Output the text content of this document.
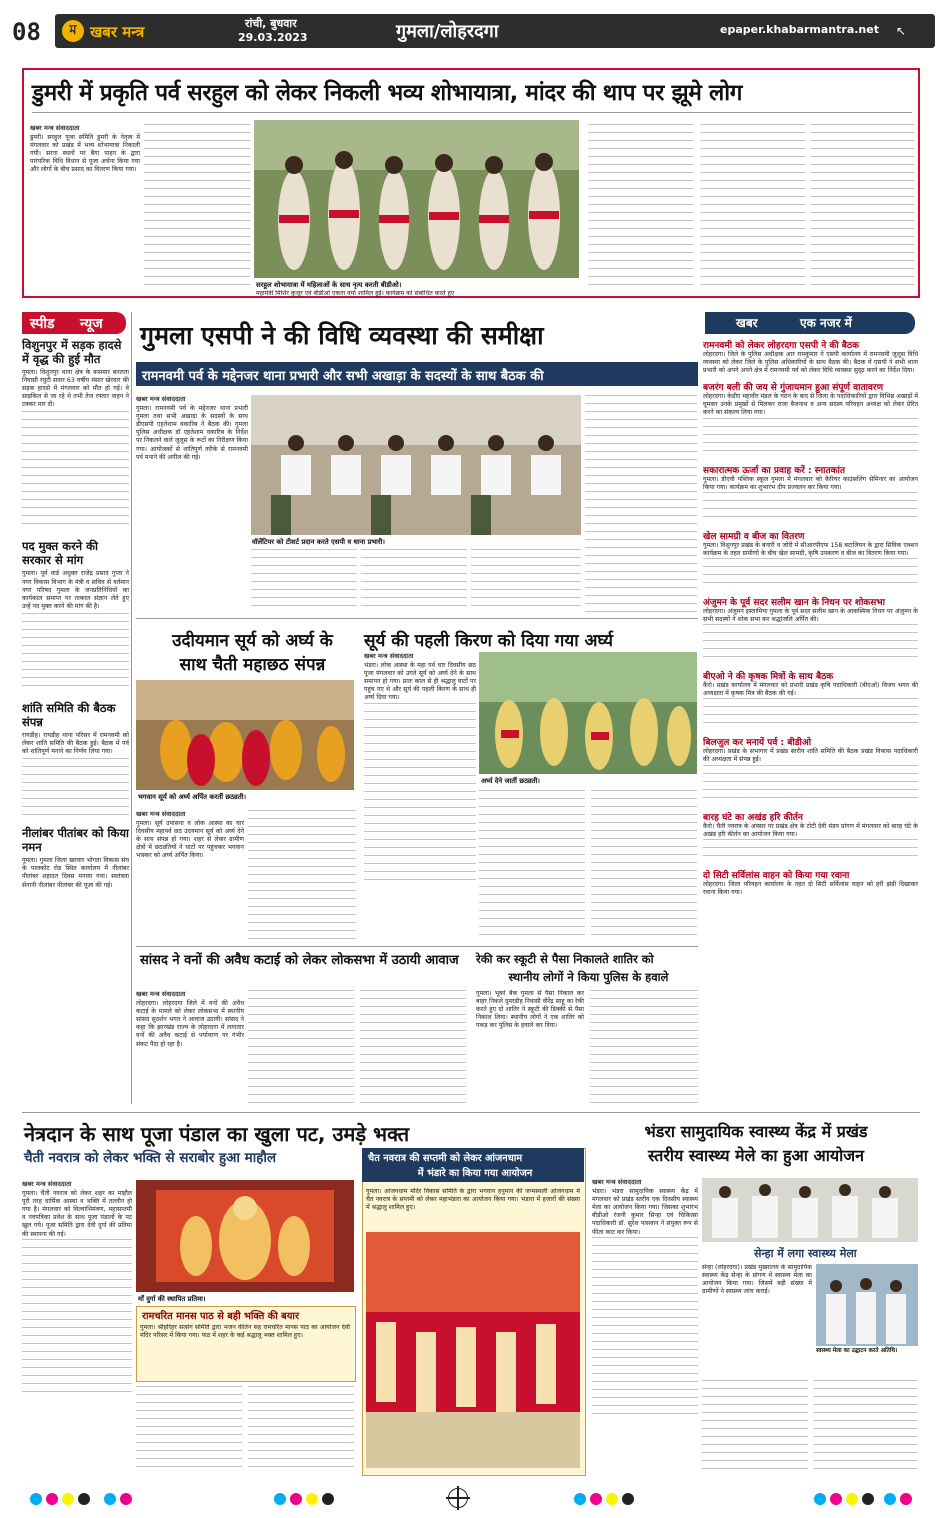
08	ম खबर मन्त्र	रांची, बुधवार
29.03.2023	गुमला/लोहरदगा	epaper.khabarmantra.net ↖
डुमरी में प्रकृति पर्व सरहुल को लेकर निकली भव्य शोभायात्रा, मांदर की थाप पर झूमे लोग
खबर मन्त्र संवाददाता
डुमरी। सरहुल पूजा समिति डुमरी के नेतृत्व में मंगलवार को प्रखंड में भव्य शोभायात्रा निकाली गयी। सरना स्थलों पर बैगा पाहन के द्वारा पारंपरिक विधि विधान से पूजा अर्चना किया गया और लोगों के बीच प्रसाद का वितरण किया गया।
सरहुल शोभायात्रा में महिलाओं के साथ नृत्य करती बीडीओ।
महामंत्री मिशिर कुजूर एवं बीडीओ एकता वर्मा शामिल हुईं। कार्यक्रम को संबोधित करते हुए
स्पीड न्यूज
विशुनपुर में सड़क हादसे में वृद्ध की हुई मौत
गुमला। विशुनपुर थाना क्षेत्र के कसमार बनलता निवासी रघुटी सवार 63 वर्षीय मंसार खेरवार की सड़क हादसे में मंगलवार को मौत हो गई। वे साइकिल से जा रहे थे तभी तेज रफ्तार वाहन ने टक्कर मार दी।
पद मुक्त करने की सरकार से मांग
गुमला। पूर्व वार्ड अधुक्त राजेंद्र प्रसाद गुप्ता ने नगर विकास विभाग के मंत्री व सचिव से वर्तमान नगर परिषद गुमला के जनप्रतिनिधियों का कार्यकाल समाप्त पर तत्काल संज्ञान लेते हुए उन्हें पद मुक्त करने की मांग की है।
शांति समिति की बैठक संपन्न
रायडीह। रायडीह थाना परिसर में रामनवमी को लेकर शांति समिति की बैठक हुई। बैठक में पर्व को शांतिपूर्ण मनाने का निर्णय लिया गया।
नीलांबर पीतांबर को किया नमन
गुमला। गुमला जिला खरवार भोगता विकास संघ के पालकोट रोड स्थित कार्यालय में नीलांबर पीतांबर शहादत दिवस मनाया गया। स्वतंत्रता सेनानी नीलांबर पीतांबर की पूजा की गई।
गुमला एसपी ने की विधि व्यवस्था की समीक्षा
रामनवमी पर्व के मद्देनजर थाना प्रभारी और सभी अखाड़ा के सदस्यों के साथ बैठक की
खबर मन्त्र संवाददाता
गुमला। रामनवमी पर्व के मद्देनजर थाना प्रभारी गुमला तथा सभी अखाड़ा के सदस्यों के साथ डीएसपी एहतेशाम वकारिब ने बैठक की। गुमला पुलिस अधीक्षक डॉ एहतेशाम वकारिब के निर्देश पर निकलने वाले जुलूस के रूटों का निरीक्षण किया गया। आयोजकों से शांतिपूर्ण तरीके से रामनवमी पर्व मनाने की अपील की गई।
वॉलेंटियर को टीशर्ट प्रदान करते एसपी व थाना प्रभारी।
खबर	एक नजर में
रामनवमी को लेकर लोहरदगा एसपी ने की बैठक
लोहरदगा। जिले के पुलिस अधीक्षक आर रामकुमार ने एसपी कार्यालय में रामनवमी जुलूस विधि व्यवस्था को लेकर जिले के पुलिस अधिकारियों के साथ बैठक की। बैठक में एसपी ने सभी थाना प्रभारी को अपने अपने क्षेत्र में रामनवमी पर्व को लेकर विधि व्यवस्था सुदृढ़ करने का निर्देश दिया।
बजरंग बली की जय से गुंजायमान हुआ संपूर्ण वातावरण
लोहरदगा। केडीए महावीर मंडल के गठन के बाद से जिला के पदाधिकारियों द्वारा विभिन्न अखाड़ों में घूमकर उनके प्रमुखों से मिलकर राजा बैजनाथ व अन्य सदस्य परिवहन अध्यक्ष को लेकर प्रेरित करने का संकल्प लिया गया।
सकारात्मक ऊर्जा का प्रवाह करें : स्नातकांत
गुमला। डीएवी पब्लिक स्कूल गुमला में मंगलवार को कैरियर काउंसलिंग सेमिनार का आयोजन किया गया। कार्यक्रम का शुभारंभ दीप प्रज्वलन कर किया गया।
खेल सामग्री व बीज का वितरण
गुमला। विशुनपुर प्रखंड के बनारी व जोरी में सीआरपीएफ 158 बटालियन के द्वारा सिविक एक्शन कार्यक्रम के तहत ग्रामीणों के बीच खेल सामग्री, कृषि उपकरण व बीज का वितरण किया गया।
अंजुमन के पूर्व सदर सलीम खान के निधन पर शोकसभा
लोहरदगा। अंजुमन इस्लामिया गुमला के पूर्व सदर सलीम खान के आकस्मिक निधन पर अंजुमन के सभी सदस्यों ने शोक सभा कर श्रद्धांजलि अर्पित की।
बीएओ ने की कृषक मित्रों के साथ बैठक
कैरो। प्रखंड कार्यालय में मंगलवार को प्रभारी प्रखंड कृषि पदाधिकारी (बीएओ) विजय भगत की अध्यक्षता में कृषक मित्र की बैठक की गई।
बिलजुल कर मनायें पर्व : बीडीओ
लोहरदगा। प्रखंड के सभागार में प्रखंड स्तरीय शांति समिति की बैठक प्रखंड विकास पदाधिकारी की अध्यक्षता में संपन्न हुई।
बारह घंटे का अखंड हरि कीर्तन
कैरो। चैती नवरात्र के अवसर पर प्रखंड क्षेत्र के टोटी देवी मंडप प्रांगण में मंगलवार को बारह घंटे के अखंड हरि कीर्तन का आयोजन किया गया।
दो सिटी सर्विलांस वाहन को किया गया रवाना
लोहरदगा। जिला परिवहन कार्यालय के तहत दो सिटी सर्विलांस वाहन को हरी झंडी दिखाकर रवाना किया गया।
उदीयमान सूर्य को अर्घ्य के
साथ चैती महाछठ संपन्न
भगवान सूर्य को अर्घ्य अर्पित करतीं छठव्रती।
खबर मन्त्र संवाददाता
गुमला। सूर्य उपासना व लोक आस्था का चार दिवसीय महापर्व छठ उदयमान सूर्य को अर्घ्य देने के साथ संपन्न हो गया। शहर से लेकर ग्रामीण क्षेत्रों में छठव्रतियों ने घाटों पर पहुंचकर भगवान भास्कर को अर्घ्य अर्पित किया।
सूर्य की पहली किरण को दिया गया अर्घ्य
खबर मन्त्र संवाददाता
भंडरा। लोक आस्था के महा पर्व चार दिवसीय छठ पूजा मंगलवार को उगते सूर्य को अर्घ्य देने के साथ समापन हो गया। प्रातः काल से ही श्रद्धालु घाटों पर पहुंच गए थे और सूर्य की पहली किरण के साथ ही अर्घ्य दिया गया।
अर्घ्य देने जातीं छठव्रती।
सांसद ने वनों की अवैध कटाई को लेकर लोकसभा में उठायी आवाज
खबर मन्त्र संवाददाता
लोहरदगा। लोहरदगा जिले में वनों की अवैध कटाई के मामले को लेकर लोकसभा में स्थानीय सांसद सुदर्शन भगत ने आवाज उठायी। सांसद ने कहा कि झारखंड राज्य के लोहरदगा में लगातार वनों की अवैध कटाई से पर्यावरण पर गंभीर संकट पैदा हो रहा है।
रेकी कर स्कूटी से पैसा निकालते शातिर को
स्थानीय लोगों ने किया पुलिस के हवाले
गुमला। भूको बैंक गुमला से पैसा निकाल कर बाहर निकले दुमरडीह निवासी वीरेंद्र साहू का रेकी करते हुए दो शातिर ने स्कूटी की डिक्की से पैसा निकाल लिया। स्थानीय लोगों ने एक शातिर को पकड़ कर पुलिस के हवाले कर दिया।
नेत्रदान के साथ पूजा पंडाल का खुला पट, उमड़े भक्त
चैती नवरात्र को लेकर भक्ति से सराबोर हुआ माहौल
खबर मन्त्र संवाददाता
गुमला। चैती नवरात्र को लेकर शहर का माहौल पूरी तरह धार्मिक आस्था व भक्ति में तल्लीन हो गया है। मंगलवार को विल्वाभिमंत्रण, महासप्तमी व नवपत्रिका प्रवेश के साथ पूजा पंडालों के पट खुल गये। पूजा समिति द्वारा देवी दुर्गा की प्रतिमा की स्थापना की गई।
माँ दुर्गा की स्थापित प्रतिमा।
रामचरित मानस पाठ से बही भक्ति की बयार
गुमला। श्रीहरिहर सत्संग समिति द्वारा भजन कीर्तन सह रामचरित मानस पाठ का आयोजन देवी मंदिर परिसर में किया गया। पाठ में शहर के कई श्रद्धालु भक्त शामिल हुए।
चैत नवरात्र की सप्तमी को लेकर आंजनधाम
में भंडारे का किया गया आयोजन
गुमला। आंजनधाम मंदिर विकास समिति के द्वारा भगवान हनुमान की जन्मस्थली आंजनधाम में चैत नवरात्र के सप्तमी को लेकर महाभंडारा का आयोजन किया गया। भंडारा में हजारों की संख्या में श्रद्धालु शामिल हुए।
भंडरा सामुदायिक स्वास्थ्य केंद्र में प्रखंड
स्तरीय स्वास्थ्य मेले का हुआ आयोजन
खबर मन्त्र संवाददाता
भंडरा। भंडरा सामुदायिक स्वास्थ्य केंद्र में मंगलवार को प्रखंड स्तरीय एक दिवसीय स्वास्थ्य मेला का आयोजन किया गया। जिसका शुभारंभ बीडीओ रंजनी कुमार सिन्हा एवं चिकित्सा पदाधिकारी डॉ. सुरेश पासवान ने संयुक्त रूप से फीता काट कर किया।
सेन्हा में लगा स्वास्थ्य मेला
सेन्हा (लोहरदगा)। प्रखंड मुख्यालय के सामुदायिक स्वास्थ्य केंद्र सेन्हा के प्रांगण में स्वास्थ्य मेला का आयोजन किया गया। जिसमें बड़ी संख्या में ग्रामीणों ने स्वास्थ्य जांच कराई।
स्वास्थ्य मेला का उद्घाटन करते अतिथि।
